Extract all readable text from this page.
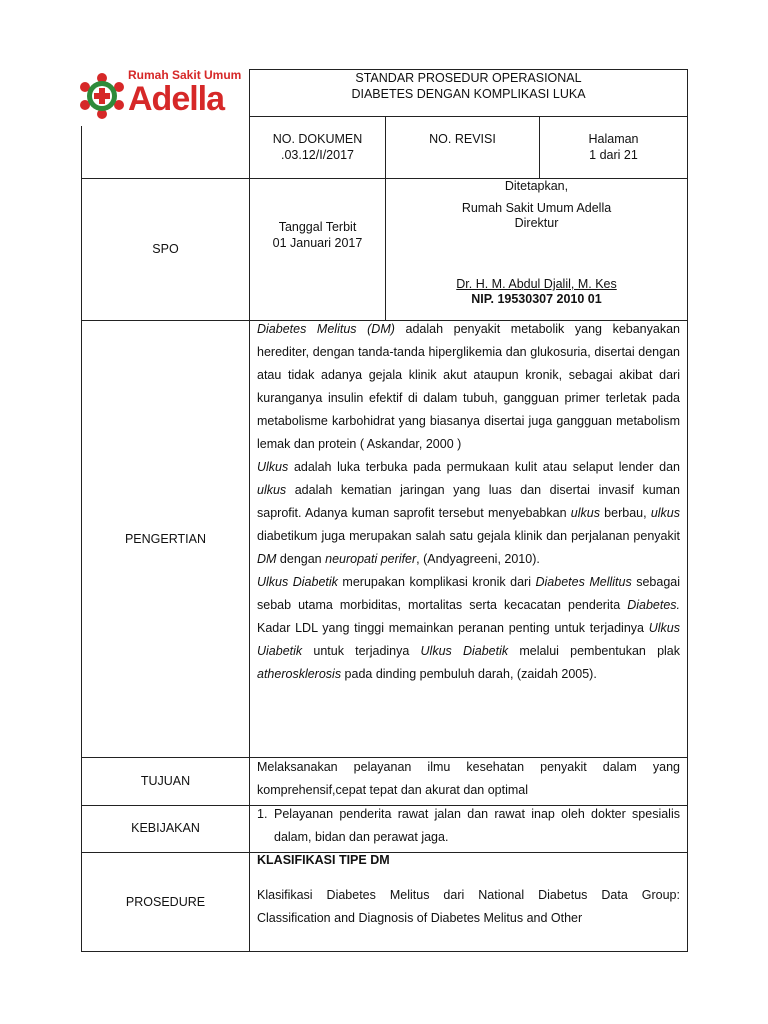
Rumah Sakit Umum
Adella
STANDAR PROSEDUR OPERASIONAL
DIABETES DENGAN KOMPLIKASI LUKA
NO. DOKUMEN
.03.12/I/2017
NO. REVISI	Halaman
1 dari 21
SPO
Tanggal Terbit
01 Januari 2017
Ditetapkan,
Rumah Sakit Umum Adella
Direktur
Dr. H. M. Abdul Djalil, M. Kes
NIP. 19530307 2010 01
PENGERTIAN
Diabetes Melitus (DM) adalah penyakit metabolik yang kebanyakan herediter, dengan tanda-tanda hiperglikemia dan glukosuria, disertai dengan atau tidak adanya gejala klinik akut ataupun kronik, sebagai akibat dari kuranganya insulin efektif di dalam tubuh, gangguan primer terletak pada metabolisme karbohidrat yang biasanya disertai juga gangguan metabolism lemak dan protein ( Askandar, 2000 )
Ulkus adalah luka terbuka pada permukaan kulit atau selaput lender dan ulkus adalah kematian jaringan yang luas dan disertai invasif kuman saprofit. Adanya kuman saprofit tersebut menyebabkan ulkus berbau, ulkus diabetikum juga merupakan salah satu gejala klinik dan perjalanan penyakit DM dengan neuropati perifer, (Andyagreeni, 2010).
Ulkus Diabetik merupakan komplikasi kronik dari Diabetes Mellitus sebagai sebab utama morbiditas, mortalitas serta kecacatan penderita Diabetes. Kadar LDL yang tinggi memainkan peranan penting untuk terjadinya Ulkus Uiabetik untuk terjadinya Ulkus Diabetik melalui pembentukan plak atherosklerosis pada dinding pembuluh darah, (zaidah 2005).
TUJUAN
Melaksanakan pelayanan ilmu kesehatan penyakit dalam yang komprehensif,cepat tepat dan akurat dan optimal
KEBIJAKAN
1. Pelayanan penderita rawat jalan dan rawat inap oleh dokter spesialis dalam, bidan dan perawat jaga.
PROSEDURE
KLASIFIKASI TIPE DM
Klasifikasi Diabetes Melitus dari National Diabetus Data Group: Classification and Diagnosis of Diabetes Melitus and Other
